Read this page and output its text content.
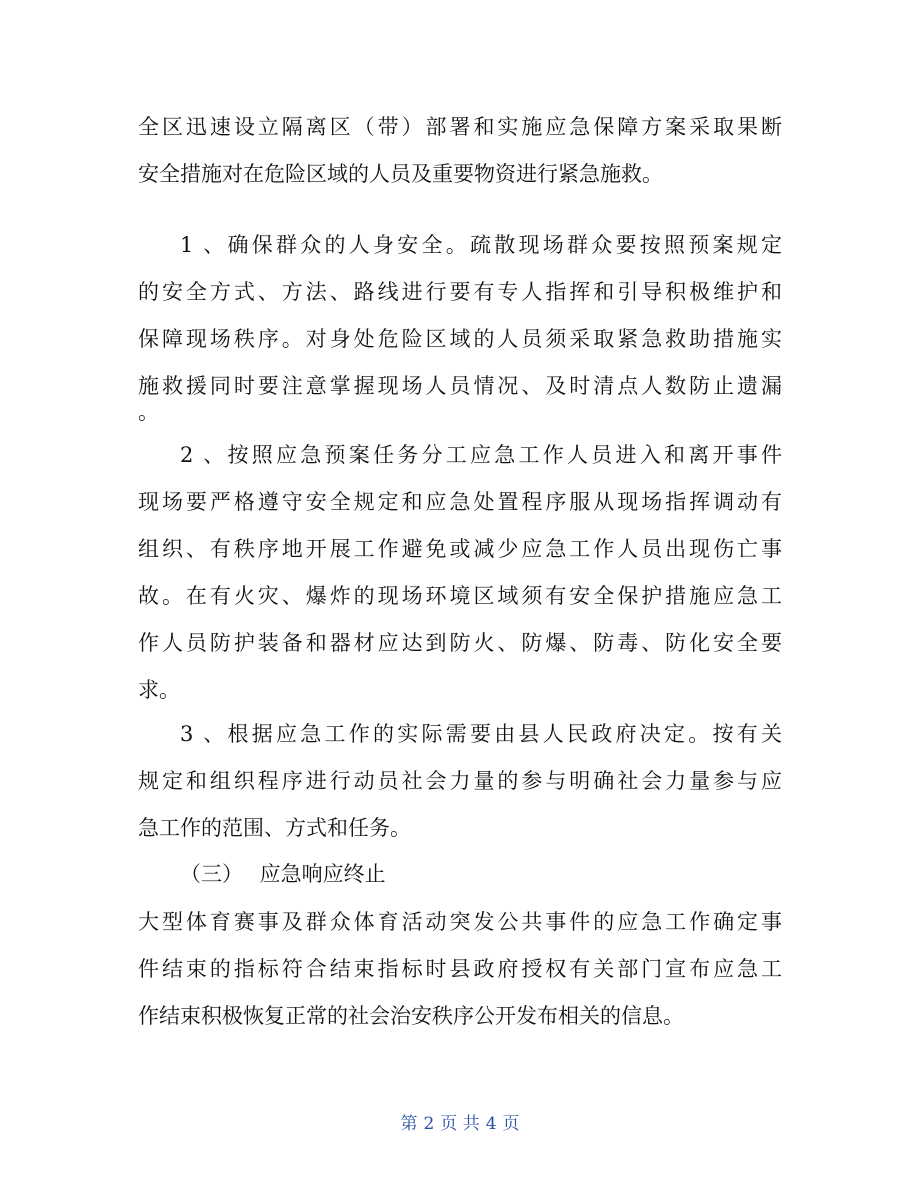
全区迅速设立隔离区（带）部署和实施应急保障方案采取果断
安全措施对在危险区域的人员及重要物资进行紧急施救。
1 、确保群众的人身安全。疏散现场群众要按照预案规定
的安全方式、方法、路线进行要有专人指挥和引导积极维护和
保障现场秩序。对身处危险区域的人员须采取紧急救助措施实
施救援同时要注意掌握现场人员情况、及时清点人数防止遗漏
。
2 、按照应急预案任务分工应急工作人员进入和离开事件
现场要严格遵守安全规定和应急处置程序服从现场指挥调动有
组织、有秩序地开展工作避免或减少应急工作人员出现伤亡事
故。在有火灾、爆炸的现场环境区域须有安全保护措施应急工
作人员防护装备和器材应达到防火、防爆、防毒、防化安全要
求。
3 、根据应急工作的实际需要由县人民政府决定。按有关
规定和组织程序进行动员社会力量的参与明确社会力量参与应
急工作的范围、方式和任务。
（三） 应急响应终止
大型体育赛事及群众体育活动突发公共事件的应急工作确定事
件结束的指标符合结束指标时县政府授权有关部门宣布应急工
作结束积极恢复正常的社会治安秩序公开发布相关的信息。
第 2 页 共 4 页
